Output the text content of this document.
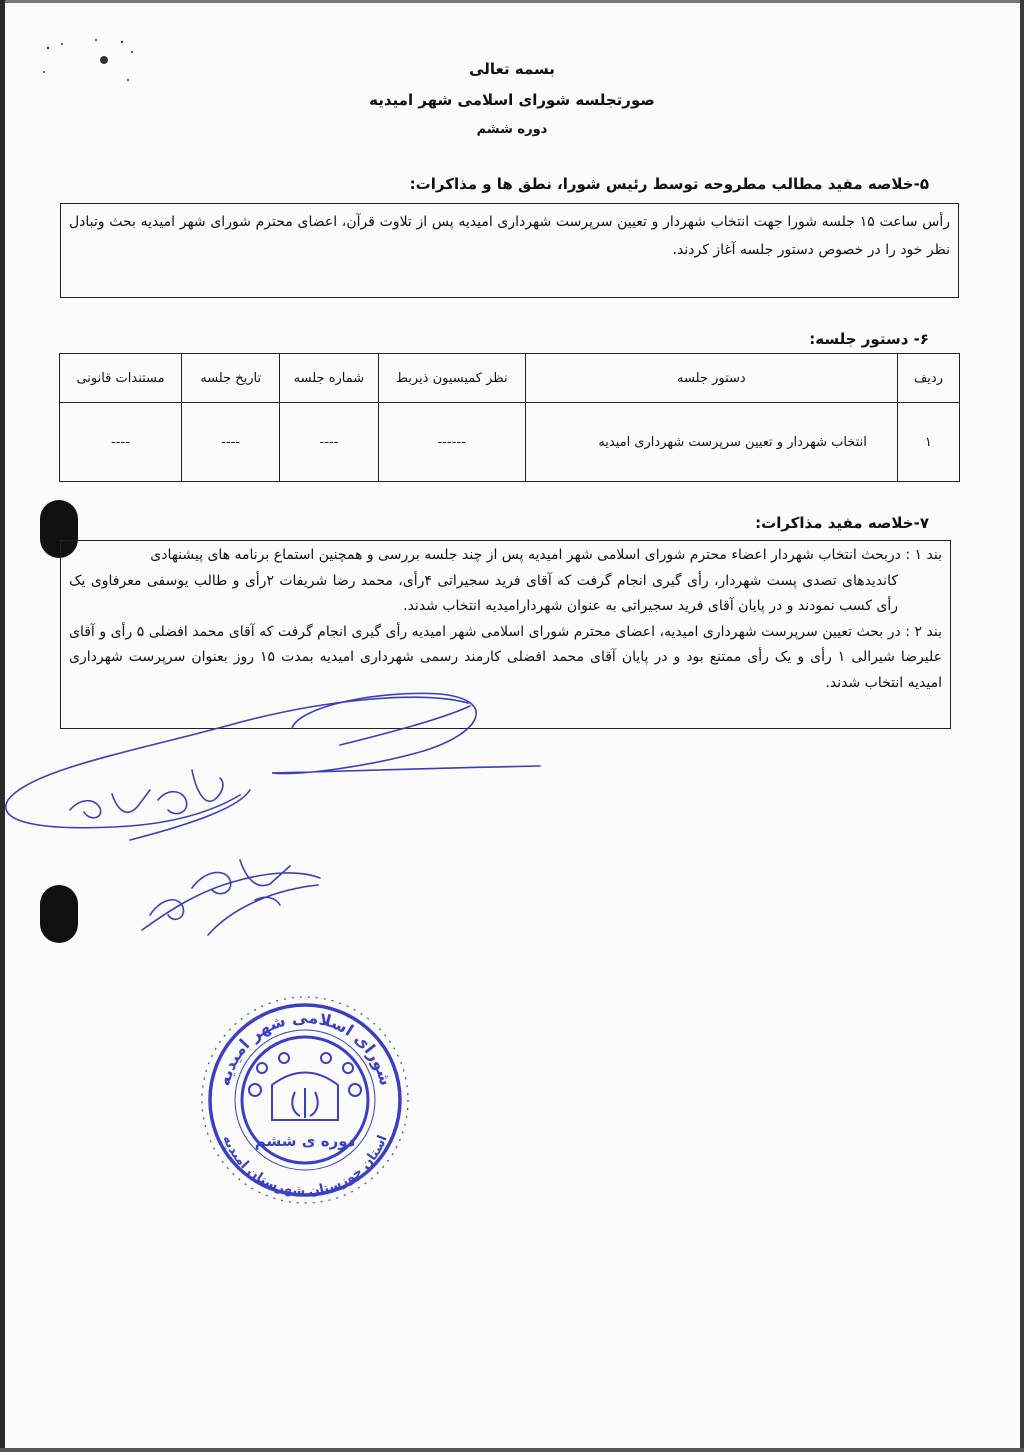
بسمه تعالی
صورتجلسه شورای اسلامی شهر امیدیه
دوره ششم
۵-خلاصه مفید مطالب مطروحه توسط رئیس شورا، نطق ها و مذاکرات:

رأس ساعت ۱۵ جلسه شورا جهت انتخاب شهردار و تعیین سرپرست شهرداری امیدیه پس از تلاوت قرآن، اعضای محترم شورای شهر امیدیه بحث وتبادل نظر خود را در خصوص دستور جلسه آغاز کردند.

۶- دستور جلسه:
ردیف	دستور جلسه	نظر کمیسیون ذیربط	شماره جلسه	تاریخ جلسه	مستندات قانونی
۱	انتخاب شهردار و تعیین سرپرست شهرداری امیدیه	------	----	----	----
۷-خلاصه مفید مذاکرات:

بند ۱ : دربحث انتخاب شهردار اعضاء محترم شورای اسلامی شهر امیدیه پس از چند جلسه بررسی و همچنین استماع برنامه های پیشنهادی

کاندیدهای تصدی پست شهردار، رأی گیری انجام گرفت که آقای فرید سجیراتی ۴رأی، محمد رضا شریفات ۲رأی و طالب یوسفی معرفاوی یک رأی کسب نمودند و در پایان آقای فرید سجیراتی به عنوان شهردارامیدیه انتخاب شدند.

بند ۲ : در بحث تعیین سرپرست شهرداری امیدیه، اعضای محترم شورای اسلامی شهر امیدیه رأی گیری انجام گرفت که آقای محمد افضلی ۵ رأی و آقای علیرضا شیرالی ۱ رأی و یک رأی ممتنع بود و در پایان آقای محمد افضلی کارمند رسمی شهرداری امیدیه بمدت ۱۵ روز بعنوان سرپرست شهرداری امیدیه انتخاب شدند.

شورای اسلامی شهر امیدیه
استان خوزستان شهرستان امیدیه
دوره ی ششم
